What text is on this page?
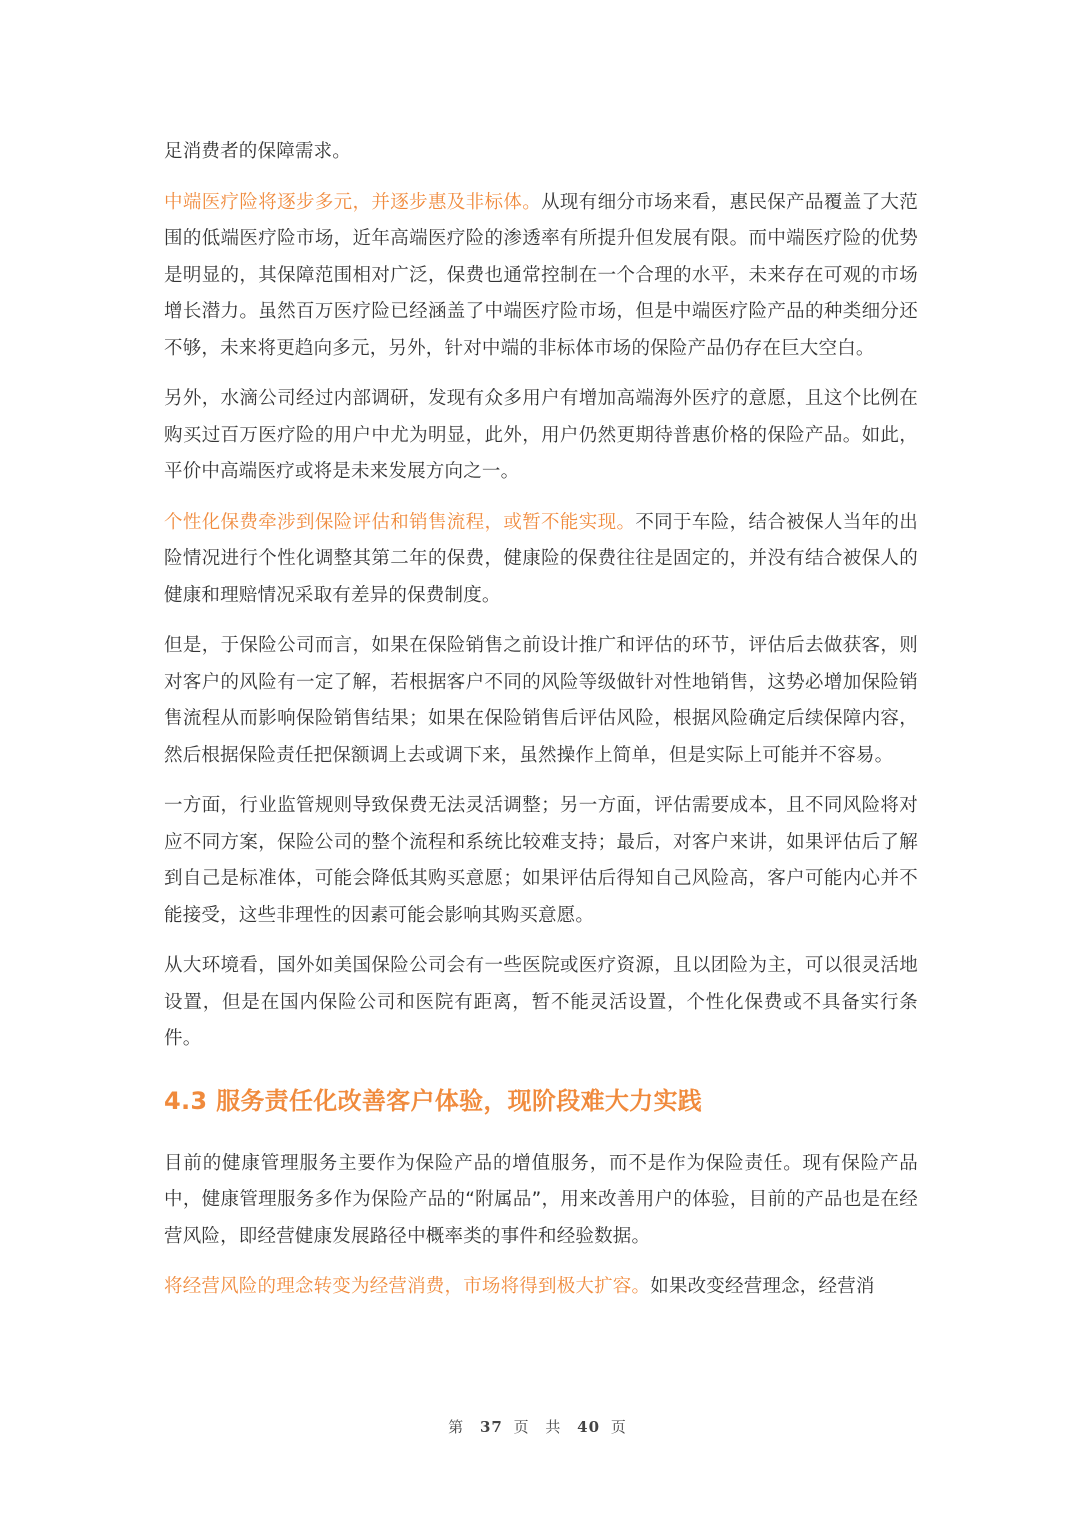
足消费者的保障需求。

中端医疗险将逐步多元，并逐步惠及非标体。从现有细分市场来看，惠民保产品覆盖了大范围的低端医疗险市场，近年高端医疗险的渗透率有所提升但发展有限。而中端医疗险的优势是明显的，其保障范围相对广泛，保费也通常控制在一个合理的水平，未来存在可观的市场增长潜力。虽然百万医疗险已经涵盖了中端医疗险市场，但是中端医疗险产品的种类细分还不够，未来将更趋向多元，另外，针对中端的非标体市场的保险产品仍存在巨大空白。

另外，水滴公司经过内部调研，发现有众多用户有增加高端海外医疗的意愿，且这个比例在购买过百万医疗险的用户中尤为明显，此外，用户仍然更期待普惠价格的保险产品。如此，平价中高端医疗或将是未来发展方向之一。

个性化保费牵涉到保险评估和销售流程，或暂不能实现。不同于车险，结合被保人当年的出险情况进行个性化调整其第二年的保费，健康险的保费往往是固定的，并没有结合被保人的健康和理赔情况采取有差异的保费制度。

但是，于保险公司而言，如果在保险销售之前设计推广和评估的环节，评估后去做获客，则对客户的风险有一定了解，若根据客户不同的风险等级做针对性地销售，这势必增加保险销售流程从而影响保险销售结果；如果在保险销售后评估风险，根据风险确定后续保障内容，然后根据保险责任把保额调上去或调下来，虽然操作上简单，但是实际上可能并不容易。

一方面，行业监管规则导致保费无法灵活调整；另一方面，评估需要成本，且不同风险将对应不同方案，保险公司的整个流程和系统比较难支持；最后，对客户来讲，如果评估后了解到自己是标准体，可能会降低其购买意愿；如果评估后得知自己风险高，客户可能内心并不能接受，这些非理性的因素可能会影响其购买意愿。

从大环境看，国外如美国保险公司会有一些医院或医疗资源，且以团险为主，可以很灵活地设置，但是在国内保险公司和医院有距离，暂不能灵活设置，个性化保费或不具备实行条件。

4.3 服务责任化改善客户体验，现阶段难大力实践

目前的健康管理服务主要作为保险产品的增值服务，而不是作为保险责任。现有保险产品中，健康管理服务多作为保险产品的“附属品”，用来改善用户的体验，目前的产品也是在经营风险，即经营健康发展路径中概率类的事件和经验数据。

将经营风险的理念转变为经营消费，市场将得到极大扩容。如果改变经营理念，经营消

第 37 页 共 40 页
